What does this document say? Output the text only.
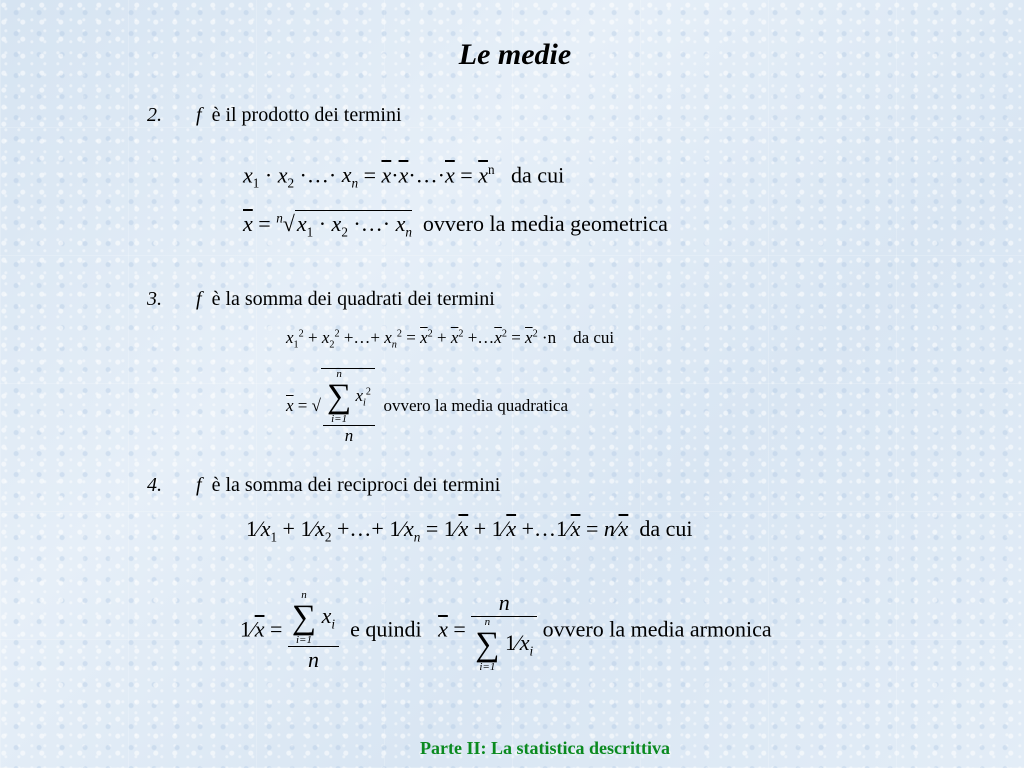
Le medie
2. f è il prodotto dei termini
$x_1 \cdot x_2$ ·…· $x_n$ = $\overline{x}\cdot\overline{x}\cdot\dots\cdot\overline{x} = \overline{x}^n$ da cui
$\overline{x} = ^n√x_1 \cdot x_2$ ·…· $x_n$ ovvero la media geometrica
3. f è la somma dei quadrati dei termini
$x_1^2 + x_2^2$ +…+ $x_n^2 = \overline{x}^2 + \overline{x}^2$ $+\dots\overline{x}^2 = \overline{x}^2 \cdot n$    da cui
$\overline{x}$ = √ n
∑
i=1
$x_i^2$
n ovvero la media quadratica
4. f è la somma dei reciproci dei termini
$1⁄x_1$ + $1⁄x_2$ +…+ $1⁄x_n$ = $1⁄\overline{x}$ + $1⁄\overline{x}$ $+\dots 1⁄\overline{x}$ = $n⁄\overline{x}$ da cui
$1⁄\overline{x} = n$
∑
i=1
$x_i$
n e quindi $\overline{x} = n$
n
∑
i=1
$1⁄x_i$ ovvero la media armonica
Parte II: La statistica descrittiva
